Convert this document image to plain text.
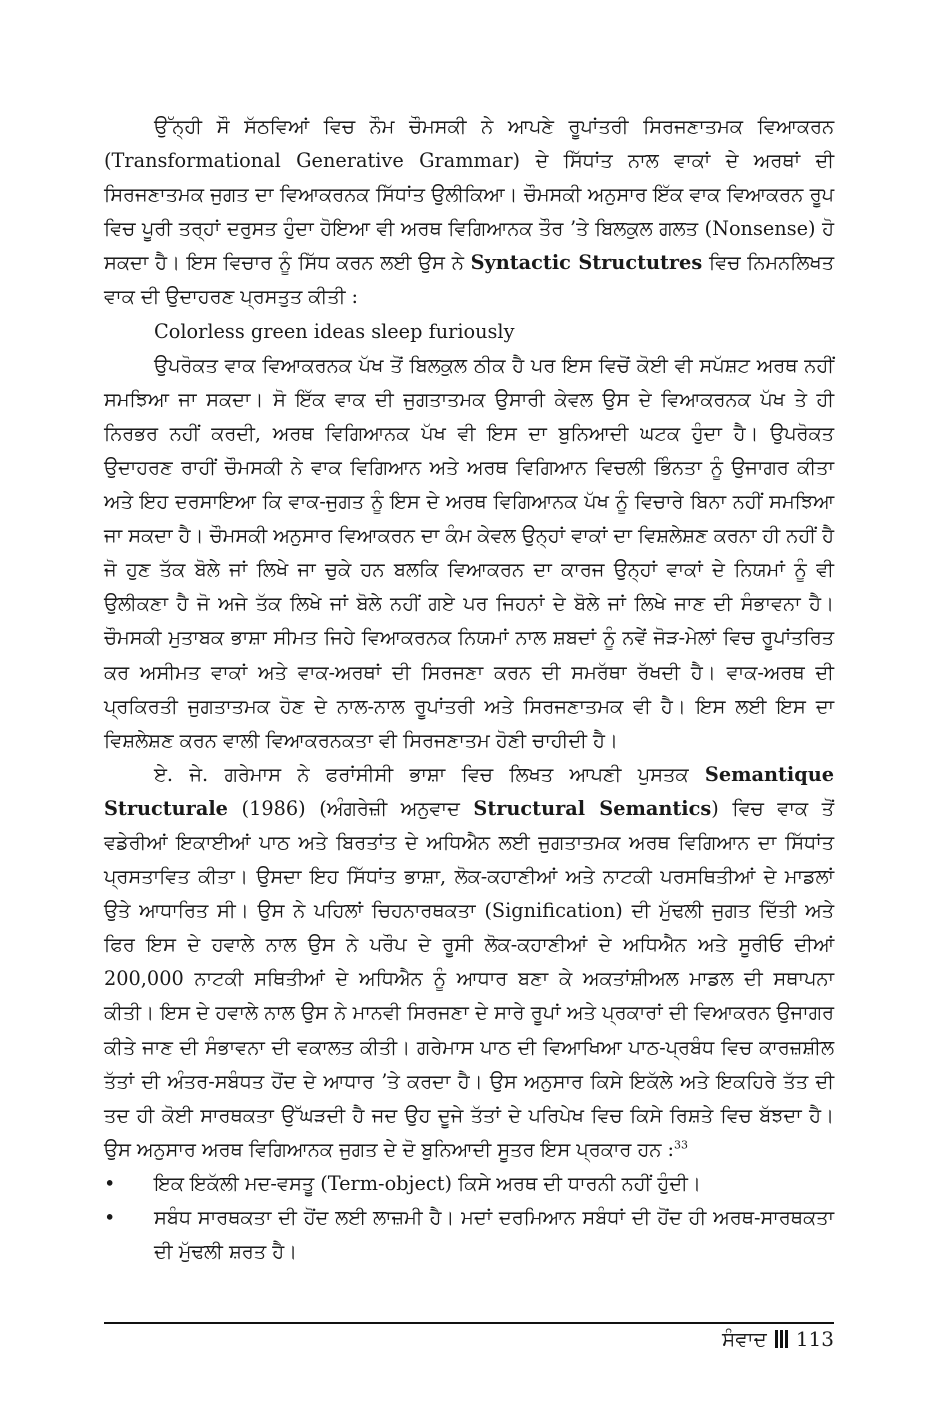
ਉੱਨ੍ਹੀ ਸੌ ਸੱਠਵਿਆਂ ਵਿਚ ਨੌਮ ਚੌਮਸਕੀ ਨੇ ਆਪਣੇ ਰੂਪਾਂਤਰੀ ਸਿਰਜਣਾਤਮਕ ਵਿਆਕਰਨ (Transformational Generative Grammar) ਦੇ ਸਿੱਧਾਂਤ ਨਾਲ ਵਾਕਾਂ ਦੇ ਅਰਥਾਂ ਦੀ ਸਿਰਜਣਾਤਮਕ ਜੁਗਤ ਦਾ ਵਿਆਕਰਨਕ ਸਿੱਧਾਂਤ ਉਲੀਕਿਆ। ਚੌਮਸਕੀ ਅਨੁਸਾਰ ਇੱਕ ਵਾਕ ਵਿਆਕਰਨ ਰੂਪ ਵਿਚ ਪੂਰੀ ਤਰ੍ਹਾਂ ਦਰੁਸਤ ਹੁੰਦਾ ਹੋਇਆ ਵੀ ਅਰਥ ਵਿਗਿਆਨਕ ਤੌਰ ’ਤੇ ਬਿਲਕੁਲ ਗਲਤ (Nonsense) ਹੋ ਸਕਦਾ ਹੈ। ਇਸ ਵਿਚਾਰ ਨੂੰ ਸਿੱਧ ਕਰਨ ਲਈ ਉਸ ਨੇ Syntactic Structutres ਵਿਚ ਨਿਮਨਲਿਖਤ ਵਾਕ ਦੀ ਉਦਾਹਰਣ ਪ੍ਰਸਤੁਤ ਕੀਤੀ :

Colorless green ideas sleep furiously

ਉਪਰੋਕਤ ਵਾਕ ਵਿਆਕਰਨਕ ਪੱਖ ਤੋਂ ਬਿਲਕੁਲ ਠੀਕ ਹੈ ਪਰ ਇਸ ਵਿਚੋਂ ਕੋਈ ਵੀ ਸਪੱਸ਼ਟ ਅਰਥ ਨਹੀਂ ਸਮਝਿਆ ਜਾ ਸਕਦਾ। ਸੋ ਇੱਕ ਵਾਕ ਦੀ ਜੁਗਤਾਤਮਕ ਉਸਾਰੀ ਕੇਵਲ ਉਸ ਦੇ ਵਿਆਕਰਨਕ ਪੱਖ ਤੇ ਹੀ ਨਿਰਭਰ ਨਹੀਂ ਕਰਦੀ, ਅਰਥ ਵਿਗਿਆਨਕ ਪੱਖ ਵੀ ਇਸ ਦਾ ਬੁਨਿਆਦੀ ਘਟਕ ਹੁੰਦਾ ਹੈ। ਉਪਰੋਕਤ ਉਦਾਹਰਣ ਰਾਹੀਂ ਚੌਮਸਕੀ ਨੇ ਵਾਕ ਵਿਗਿਆਨ ਅਤੇ ਅਰਥ ਵਿਗਿਆਨ ਵਿਚਲੀ ਭਿੰਨਤਾ ਨੂੰ ਉਜਾਗਰ ਕੀਤਾ ਅਤੇ ਇਹ ਦਰਸਾਇਆ ਕਿ ਵਾਕ-ਜੁਗਤ ਨੂੰ ਇਸ ਦੇ ਅਰਥ ਵਿਗਿਆਨਕ ਪੱਖ ਨੂੰ ਵਿਚਾਰੇ ਬਿਨਾ ਨਹੀਂ ਸਮਝਿਆ ਜਾ ਸਕਦਾ ਹੈ। ਚੌਮਸਕੀ ਅਨੁਸਾਰ ਵਿਆਕਰਨ ਦਾ ਕੰਮ ਕੇਵਲ ਉਨ੍ਹਾਂ ਵਾਕਾਂ ਦਾ ਵਿਸ਼ਲੇਸ਼ਣ ਕਰਨਾ ਹੀ ਨਹੀਂ ਹੈ ਜੋ ਹੁਣ ਤੱਕ ਬੋਲੇ ਜਾਂ ਲਿਖੇ ਜਾ ਚੁਕੇ ਹਨ ਬਲਕਿ ਵਿਆਕਰਨ ਦਾ ਕਾਰਜ ਉਨ੍ਹਾਂ ਵਾਕਾਂ ਦੇ ਨਿਯਮਾਂ ਨੂੰ ਵੀ ਉਲੀਕਣਾ ਹੈ ਜੋ ਅਜੇ ਤੱਕ ਲਿਖੇ ਜਾਂ ਬੋਲੇ ਨਹੀਂ ਗਏ ਪਰ ਜਿਹਨਾਂ ਦੇ ਬੋਲੇ ਜਾਂ ਲਿਖੇ ਜਾਣ ਦੀ ਸੰਭਾਵਨਾ ਹੈ। ਚੌਮਸਕੀ ਮੁਤਾਬਕ ਭਾਸ਼ਾ ਸੀਮਤ ਜਿਹੇ ਵਿਆਕਰਨਕ ਨਿਯਮਾਂ ਨਾਲ ਸ਼ਬਦਾਂ ਨੂੰ ਨਵੇਂ ਜੋੜ-ਮੇਲਾਂ ਵਿਚ ਰੂਪਾਂਤਰਿਤ ਕਰ ਅਸੀਮਤ ਵਾਕਾਂ ਅਤੇ ਵਾਕ-ਅਰਥਾਂ ਦੀ ਸਿਰਜਣਾ ਕਰਨ ਦੀ ਸਮਰੱਥਾ ਰੱਖਦੀ ਹੈ। ਵਾਕ-ਅਰਥ ਦੀ ਪ੍ਰਕਿਰਤੀ ਜੁਗਤਾਤਮਕ ਹੋਣ ਦੇ ਨਾਲ-ਨਾਲ ਰੂਪਾਂਤਰੀ ਅਤੇ ਸਿਰਜਣਾਤਮਕ ਵੀ ਹੈ। ਇਸ ਲਈ ਇਸ ਦਾ ਵਿਸ਼ਲੇਸ਼ਣ ਕਰਨ ਵਾਲੀ ਵਿਆਕਰਨਕਤਾ ਵੀ ਸਿਰਜਣਾਤਮ ਹੋਣੀ ਚਾਹੀਦੀ ਹੈ।

ਏ. ਜੇ. ਗਰੇਮਾਸ ਨੇ ਫਰਾਂਸੀਸੀ ਭਾਸ਼ਾ ਵਿਚ ਲਿਖਤ ਆਪਣੀ ਪੁਸਤਕ Semantique Structurale (1986) (ਅੰਗਰੇਜ਼ੀ ਅਨੁਵਾਦ Structural Semantics) ਵਿਚ ਵਾਕ ਤੋਂ ਵਡੇਰੀਆਂ ਇਕਾਈਆਂ ਪਾਠ ਅਤੇ ਬਿਰਤਾਂਤ ਦੇ ਅਧਿਐਨ ਲਈ ਜੁਗਤਾਤਮਕ ਅਰਥ ਵਿਗਿਆਨ ਦਾ ਸਿੱਧਾਂਤ ਪ੍ਰਸਤਾਵਿਤ ਕੀਤਾ। ਉਸਦਾ ਇਹ ਸਿੱਧਾਂਤ ਭਾਸ਼ਾ, ਲੋਕ-ਕਹਾਣੀਆਂ ਅਤੇ ਨਾਟਕੀ ਪਰਸਥਿਤੀਆਂ ਦੇ ਮਾਡਲਾਂ ਉਤੇ ਆਧਾਰਿਤ ਸੀ। ਉਸ ਨੇ ਪਹਿਲਾਂ ਚਿਹਨਾਰਥਕਤਾ (Signification) ਦੀ ਮੁੱਢਲੀ ਜੁਗਤ ਦਿੱਤੀ ਅਤੇ ਫਿਰ ਇਸ ਦੇ ਹਵਾਲੇ ਨਾਲ ਉਸ ਨੇ ਪਰੌਪ ਦੇ ਰੂਸੀ ਲੋਕ-ਕਹਾਣੀਆਂ ਦੇ ਅਧਿਐਨ ਅਤੇ ਸੂਰੀਓ ਦੀਆਂ 200,000 ਨਾਟਕੀ ਸਥਿਤੀਆਂ ਦੇ ਅਧਿਐਨ ਨੂੰ ਆਧਾਰ ਬਣਾ ਕੇ ਅਕਤਾਂਸ਼ੀਅਲ ਮਾਡਲ ਦੀ ਸਥਾਪਨਾ ਕੀਤੀ। ਇਸ ਦੇ ਹਵਾਲੇ ਨਾਲ ਉਸ ਨੇ ਮਾਨਵੀ ਸਿਰਜਣਾ ਦੇ ਸਾਰੇ ਰੂਪਾਂ ਅਤੇ ਪ੍ਰਕਾਰਾਂ ਦੀ ਵਿਆਕਰਨ ਉਜਾਗਰ ਕੀਤੇ ਜਾਣ ਦੀ ਸੰਭਾਵਨਾ ਦੀ ਵਕਾਲਤ ਕੀਤੀ। ਗਰੇਮਾਸ ਪਾਠ ਦੀ ਵਿਆਖਿਆ ਪਾਠ-ਪ੍ਰਬੰਧ ਵਿਚ ਕਾਰਜ਼ਸ਼ੀਲ ਤੱਤਾਂ ਦੀ ਅੰਤਰ-ਸਬੰਧਤ ਹੋਂਦ ਦੇ ਆਧਾਰ ’ਤੇ ਕਰਦਾ ਹੈ। ਉਸ ਅਨੁਸਾਰ ਕਿਸੇ ਇਕੱਲੇ ਅਤੇ ਇਕਹਿਰੇ ਤੱਤ ਦੀ ਤਦ ਹੀ ਕੋਈ ਸਾਰਥਕਤਾ ਉੱਘੜਦੀ ਹੈ ਜਦ ਉਹ ਦੂਜੇ ਤੱਤਾਂ ਦੇ ਪਰਿਪੇਖ ਵਿਚ ਕਿਸੇ ਰਿਸ਼ਤੇ ਵਿਚ ਬੱਝਦਾ ਹੈ। ਉਸ ਅਨੁਸਾਰ ਅਰਥ ਵਿਗਿਆਨਕ ਜੁਗਤ ਦੇ ਦੋ ਬੁਨਿਆਦੀ ਸੂਤਰ ਇਸ ਪ੍ਰਕਾਰ ਹਨ :$^{33}$

•	ਇਕ ਇਕੱਲੀ ਮਦ-ਵਸਤੂ (Term-object) ਕਿਸੇ ਅਰਥ ਦੀ ਧਾਰਨੀ ਨਹੀਂ ਹੁੰਦੀ।
•	ਸਬੰਧ ਸਾਰਥਕਤਾ ਦੀ ਹੋਂਦ ਲਈ ਲਾਜ਼ਮੀ ਹੈ। ਮਦਾਂ ਦਰਮਿਆਨ ਸਬੰਧਾਂ ਦੀ ਹੋਂਦ ਹੀ ਅਰਥ-ਸਾਰਥਕਤਾ ਦੀ ਮੁੱਢਲੀ ਸ਼ਰਤ ਹੈ।
ਸੰਵਾਦ 113
